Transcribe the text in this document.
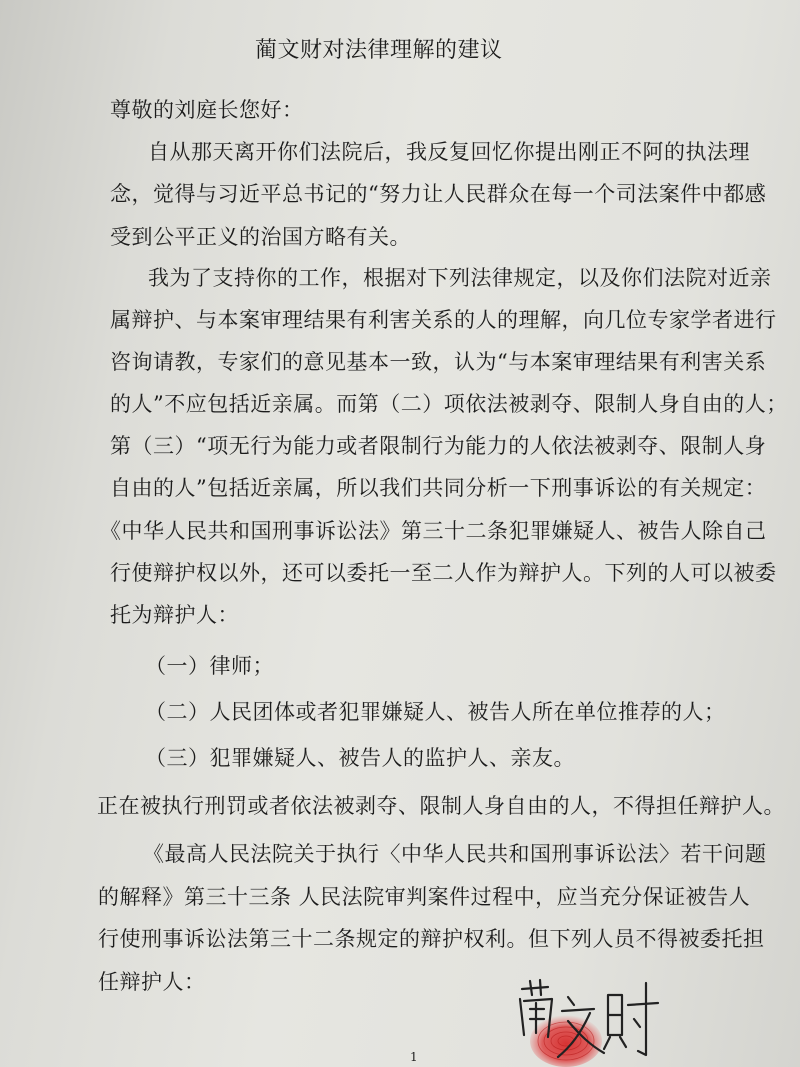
蔺文财对法律理解的建议
尊敬的刘庭长您好：
自从那天离开你们法院后，我反复回忆你提出刚正不阿的执法理
念，觉得与习近平总书记的“努力让人民群众在每一个司法案件中都感
受到公平正义的治国方略有关。
我为了支持你的工作，根据对下列法律规定，以及你们法院对近亲
属辩护、与本案审理结果有利害关系的人的理解，向几位专家学者进行
咨询请教，专家们的意见基本一致，认为“与本案审理结果有利害关系
的人”不应包括近亲属。而第（二）项依法被剥夺、限制人身自由的人；
第（三）“项无行为能力或者限制行为能力的人依法被剥夺、限制人身
自由的人”包括近亲属，所以我们共同分析一下刑事诉讼的有关规定：
《中华人民共和国刑事诉讼法》第三十二条犯罪嫌疑人、被告人除自己
行使辩护权以外，还可以委托一至二人作为辩护人。下列的人可以被委
托为辩护人：
（一）律师；
（二）人民团体或者犯罪嫌疑人、被告人所在单位推荐的人；
（三）犯罪嫌疑人、被告人的监护人、亲友。
正在被执行刑罚或者依法被剥夺、限制人身自由的人，不得担任辩护人。
《最高人民法院关于执行〈中华人民共和国刑事诉讼法〉若干问题
的解释》第三十三条 人民法院审判案件过程中，应当充分保证被告人
行使刑事诉讼法第三十二条规定的辩护权利。但下列人员不得被委托担
任辩护人：
1
